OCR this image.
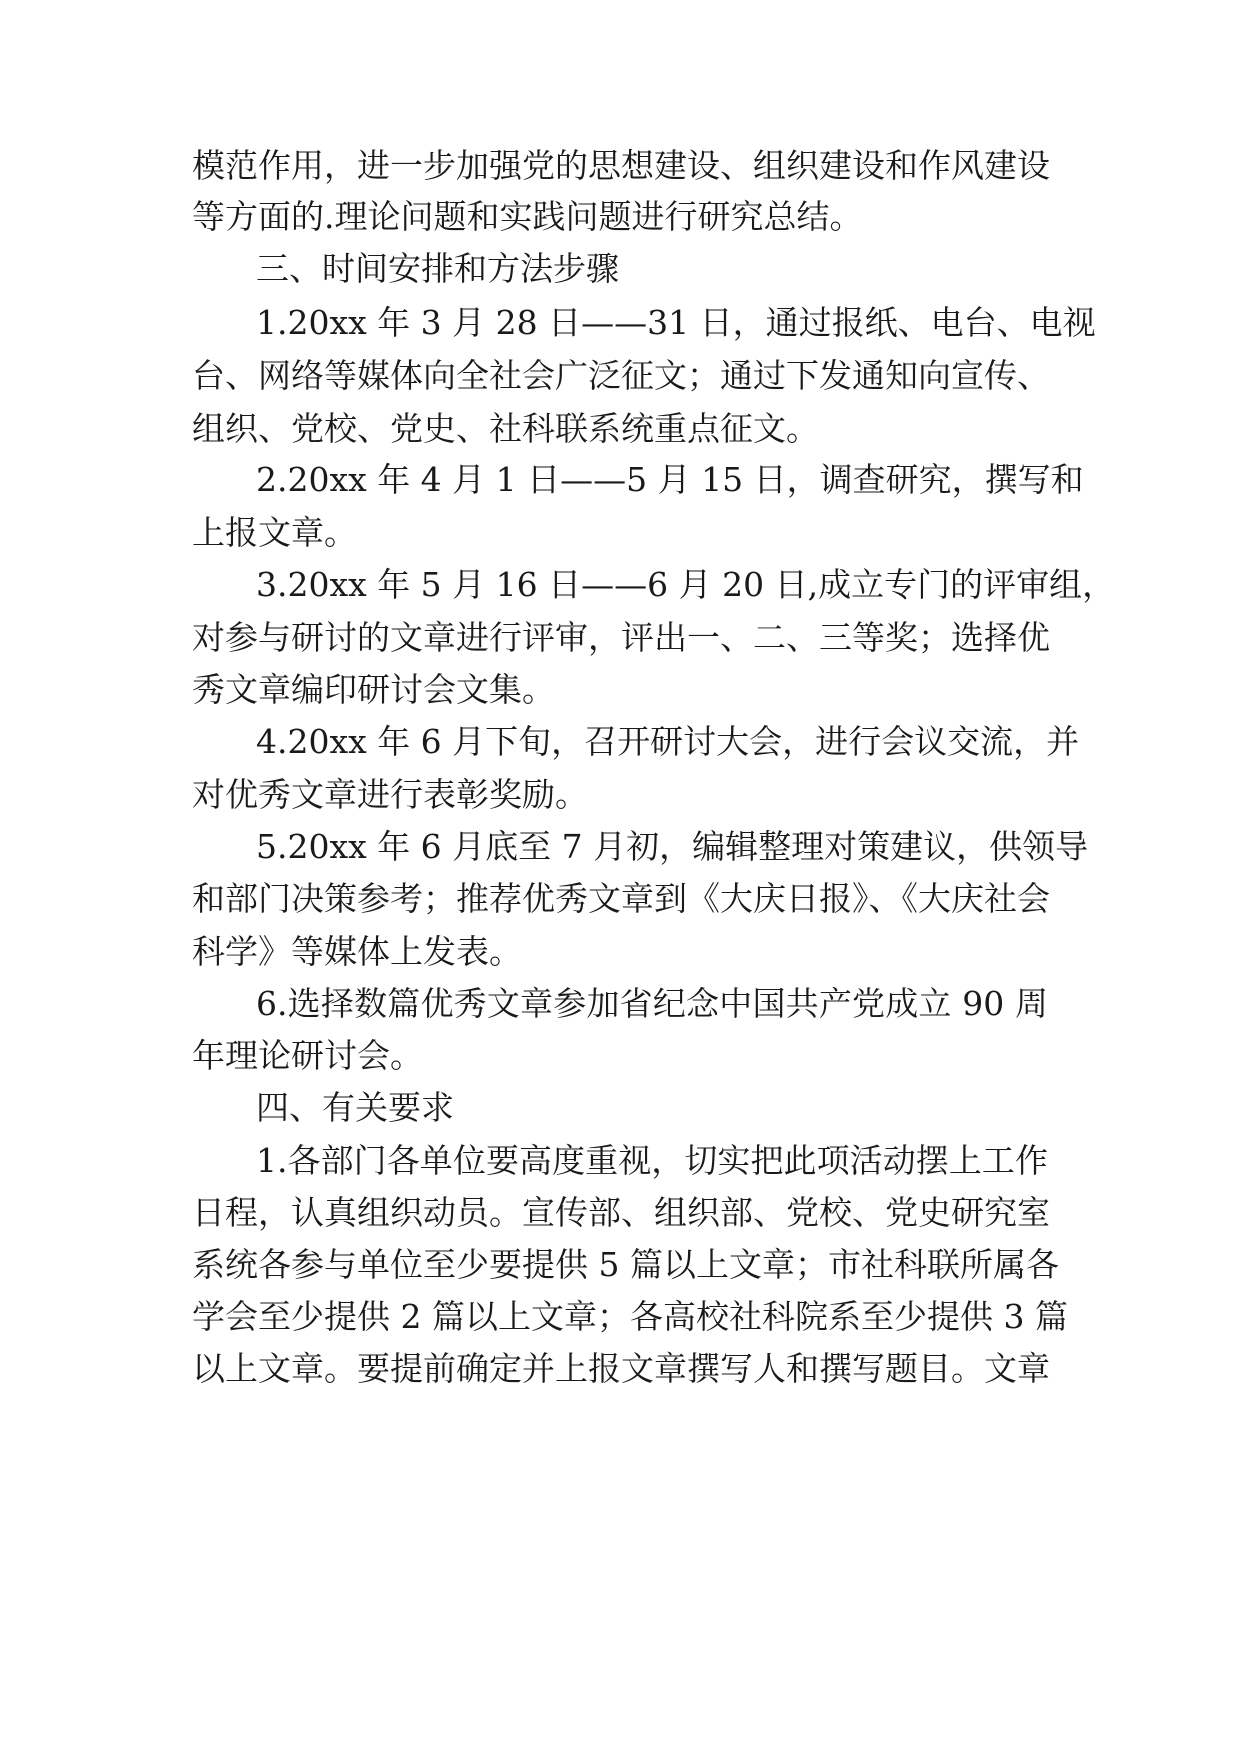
模范作用，进一步加强党的思想建设、组织建设和作风建设
等方面的.理论问题和实践问题进行研究总结。
三、时间安排和方法步骤
1.20xx 年 3 月 28 日——31 日，通过报纸、电台、电视
台、网络等媒体向全社会广泛征文；通过下发通知向宣传、
组织、党校、党史、社科联系统重点征文。
2.20xx 年 4 月 1 日——5 月 15 日，调查研究，撰写和
上报文章。
3.20xx 年 5 月 16 日——6 月 20 日,成立专门的评审组，
对参与研讨的文章进行评审，评出一、二、三等奖；选择优
秀文章编印研讨会文集。
4.20xx 年 6 月下旬，召开研讨大会，进行会议交流，并
对优秀文章进行表彰奖励。
5.20xx 年 6 月底至 7 月初，编辑整理对策建议，供领导
和部门决策参考；推荐优秀文章到《大庆日报》、《大庆社会
科学》等媒体上发表。
6.选择数篇优秀文章参加省纪念中国共产党成立 90 周
年理论研讨会。
四、有关要求
1.各部门各单位要高度重视，切实把此项活动摆上工作
日程，认真组织动员。宣传部、组织部、党校、党史研究室
系统各参与单位至少要提供 5 篇以上文章；市社科联所属各
学会至少提供 2 篇以上文章；各高校社科院系至少提供 3 篇
以上文章。要提前确定并上报文章撰写人和撰写题目。文章
